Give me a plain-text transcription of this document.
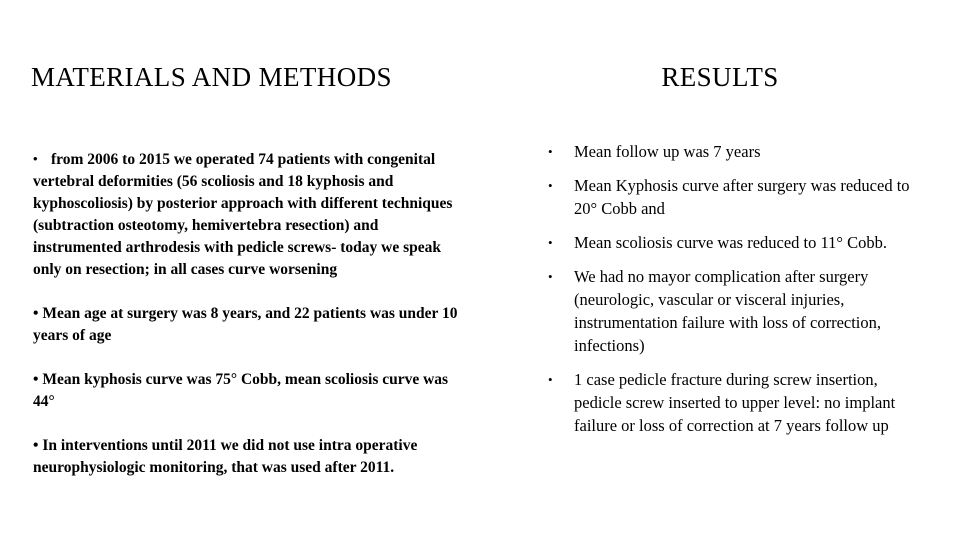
MATERIALS AND METHODS	RESULTS

• from 2006 to 2015 we operated 74 patients with congenital vertebral deformities (56 scoliosis and 18 kyphosis and kyphoscoliosis) by posterior approach with different techniques (subtraction osteotomy, hemivertebra resection) and instrumented arthrodesis with pedicle screws- today we speak only on resection; in all cases curve worsening

• Mean age at surgery was 8 years, and 22 patients was under 10 years of age

• Mean kyphosis curve was 75° Cobb, mean scoliosis curve was 44°

• In interventions until 2011 we did not use intra operative neurophysiologic monitoring, that was used after 2011.

• Mean follow up was 7 years
• Mean Kyphosis curve after surgery was reduced to 20° Cobb and
• Mean scoliosis curve was reduced to 11° Cobb.
• We had no mayor complication after surgery (neurologic, vascular or visceral injuries, instrumentation failure with loss of correction, infections)
• 1 case pedicle fracture during screw insertion, pedicle screw inserted to upper level: no implant failure or loss of correction at 7 years follow up
